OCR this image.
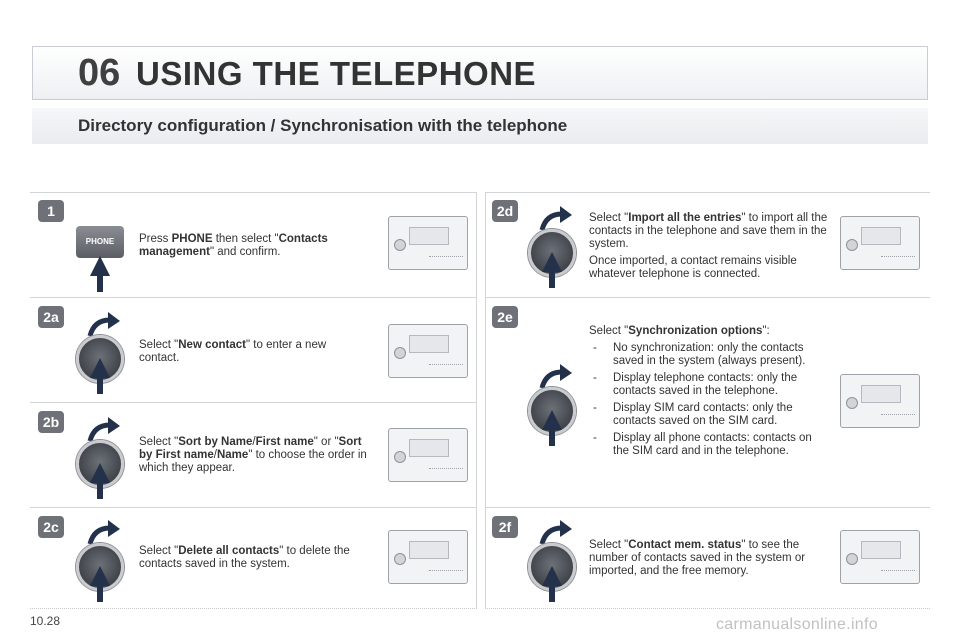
06 USING THE TELEPHONE
Directory configuration / Synchronisation with the telephone
1
PHONE	Press PHONE then select "Contacts management" and confirm.
2a
Select "New contact" to enter a new contact.
2b
Select "Sort by Name/First name" or "Sort by First name/Name" to choose the order in which they appear.
2c
Select "Delete all contacts" to delete the contacts saved in the system.
2d	Select "Import all the entries" to import all the contacts in the telephone and save them in the system.

Once imported, a contact remains visible whatever telephone is connected.

2e

Select "Synchronization options":

- No synchronization: only the contacts saved in the system (always present).
- Display telephone contacts: only the contacts saved in the telephone.
- Display SIM card contacts: only the contacts saved on the SIM card.
- Display all phone contacts: contacts on the SIM card and in the telephone.
2f
Select "Contact mem. status" to see the number of contacts saved in the system or imported, and the free memory.
10.28	carmanualsonline.info
